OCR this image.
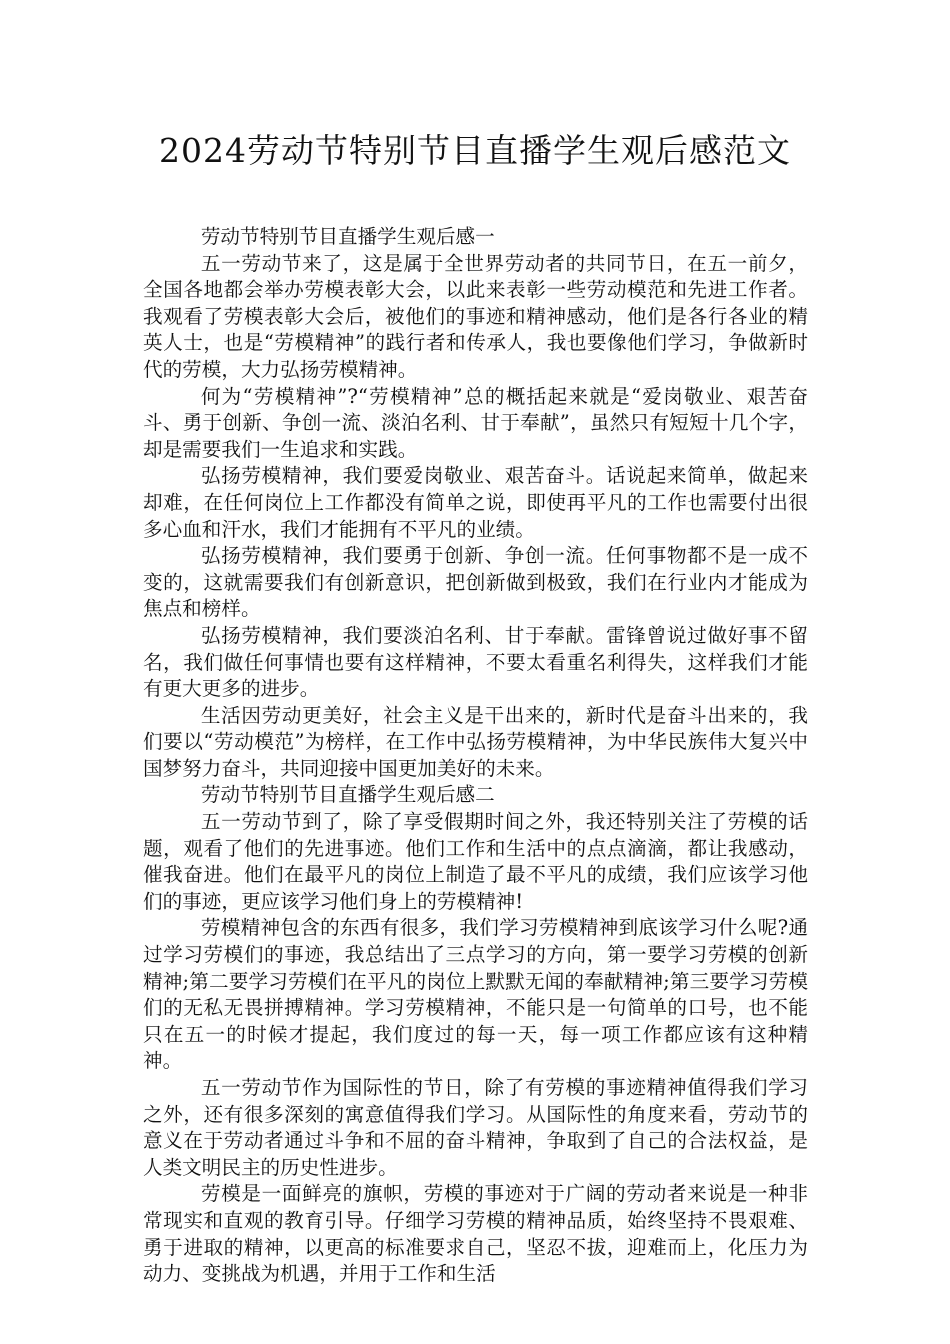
2024劳动节特别节目直播学生观后感范文

劳动节特别节目直播学生观后感一

五一劳动节来了，这是属于全世界劳动者的共同节日，在五一前夕，全国各地都会举办劳模表彰大会，以此来表彰一些劳动模范和先进工作者。我观看了劳模表彰大会后，被他们的事迹和精神感动，他们是各行各业的精英人士，也是“劳模精神”的践行者和传承人，我也要像他们学习，争做新时代的劳模，大力弘扬劳模精神。

何为“劳模精神”?“劳模精神”总的概括起来就是“爱岗敬业、艰苦奋斗、勇于创新、争创一流、淡泊名利、甘于奉献”，虽然只有短短十几个字，却是需要我们一生追求和实践。

弘扬劳模精神，我们要爱岗敬业、艰苦奋斗。话说起来简单，做起来却难，在任何岗位上工作都没有简单之说，即使再平凡的工作也需要付出很多心血和汗水，我们才能拥有不平凡的业绩。

弘扬劳模精神，我们要勇于创新、争创一流。任何事物都不是一成不变的，这就需要我们有创新意识，把创新做到极致，我们在行业内才能成为焦点和榜样。

弘扬劳模精神，我们要淡泊名利、甘于奉献。雷锋曾说过做好事不留名，我们做任何事情也要有这样精神，不要太看重名利得失，这样我们才能有更大更多的进步。

生活因劳动更美好，社会主义是干出来的，新时代是奋斗出来的，我们要以“劳动模范”为榜样，在工作中弘扬劳模精神，为中华民族伟大复兴中国梦努力奋斗，共同迎接中国更加美好的未来。

劳动节特别节目直播学生观后感二

五一劳动节到了，除了享受假期时间之外，我还特别关注了劳模的话题，观看了他们的先进事迹。他们工作和生活中的点点滴滴，都让我感动，催我奋进。他们在最平凡的岗位上制造了最不平凡的成绩，我们应该学习他们的事迹，更应该学习他们身上的劳模精神!

劳模精神包含的东西有很多，我们学习劳模精神到底该学习什么呢?通过学习劳模们的事迹，我总结出了三点学习的方向，第一要学习劳模的创新精神;第二要学习劳模们在平凡的岗位上默默无闻的奉献精神;第三要学习劳模们的无私无畏拼搏精神。学习劳模精神，不能只是一句简单的口号，也不能只在五一的时候才提起，我们度过的每一天，每一项工作都应该有这种精神。

五一劳动节作为国际性的节日，除了有劳模的事迹精神值得我们学习之外，还有很多深刻的寓意值得我们学习。从国际性的角度来看，劳动节的意义在于劳动者通过斗争和不屈的奋斗精神，争取到了自己的合法权益，是人类文明民主的历史性进步。

劳模是一面鲜亮的旗帜，劳模的事迹对于广阔的劳动者来说是一种非常现实和直观的教育引导。仔细学习劳模的精神品质，始终坚持不畏艰难、勇于进取的精神，以更高的标准要求自己，坚忍不拔，迎难而上，化压力为动力、变挑战为机遇，并用于工作和生活
